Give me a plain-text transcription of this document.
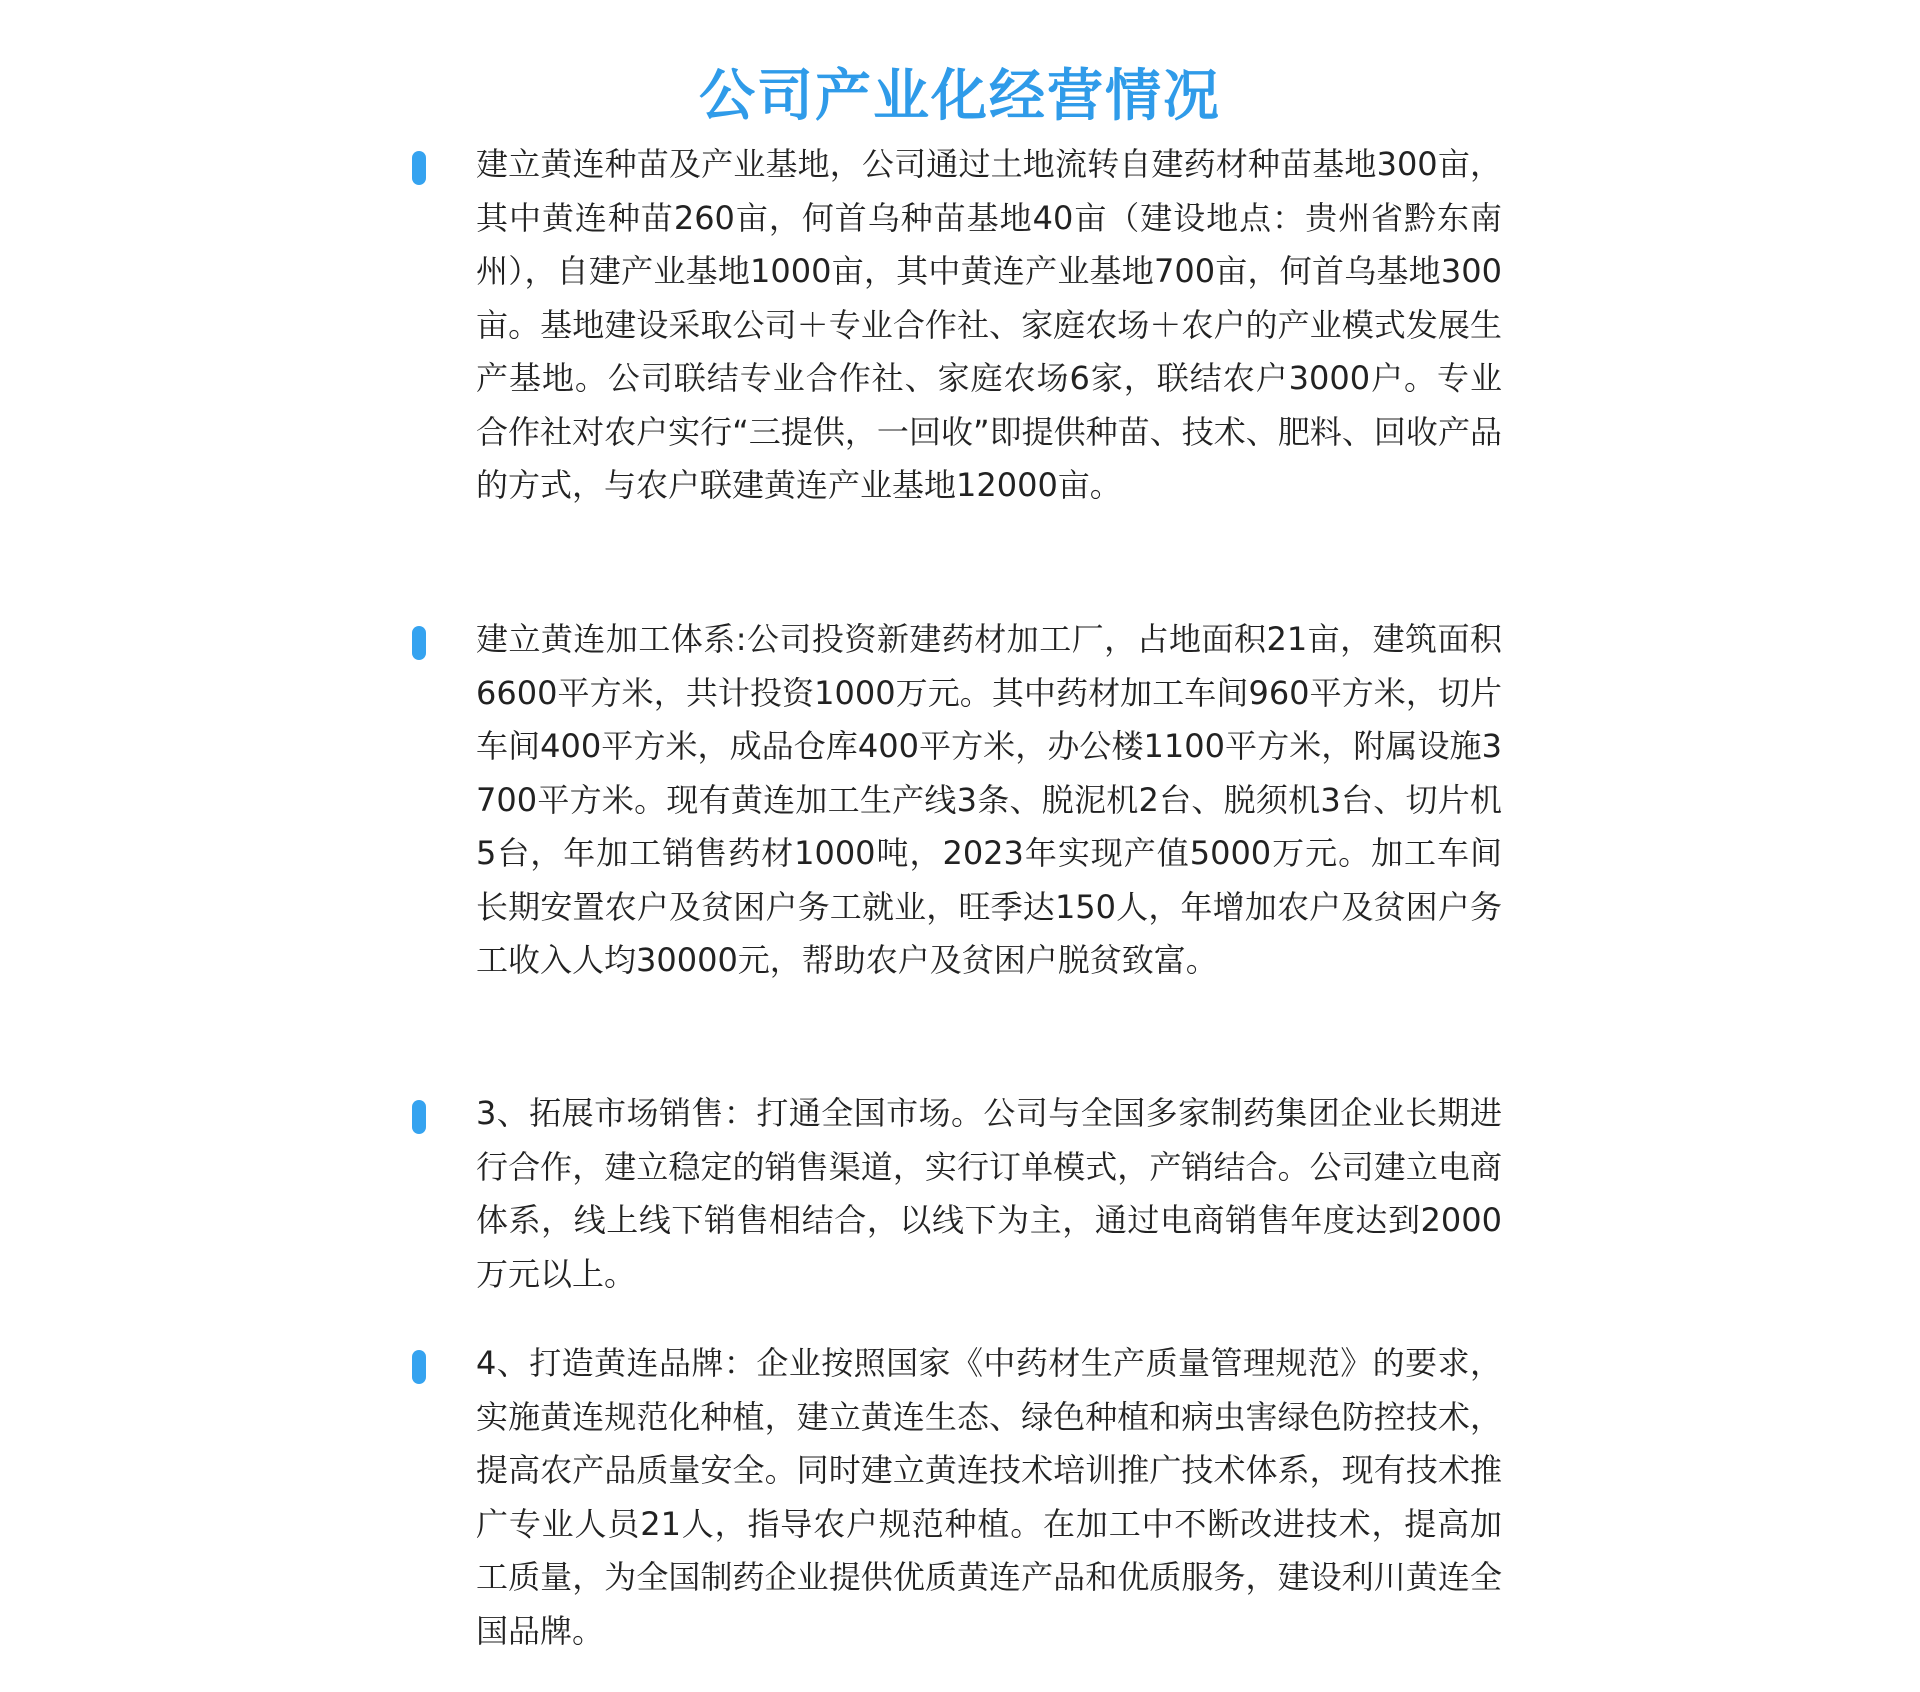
公司产业化经营情况

建立黄连种苗及产业基地，公司通过土地流转自建药材种苗基地300亩，其中黄连种苗260亩，何首乌种苗基地40亩（建设地点：贵州省黔东南州），自建产业基地1000亩，其中黄连产业基地700亩，何首乌基地300亩。基地建设采取公司＋专业合作社、家庭农场＋农户的产业模式发展生产基地。公司联结专业合作社、家庭农场6家，联结农户3000户。专业合作社对农户实行“三提供，一回收”即提供种苗、技术、肥料、回收产品的方式，与农户联建黄连产业基地12000亩。

建立黄连加工体系:公司投资新建药材加工厂，占地面积21亩，建筑面积6600平方米，共计投资1000万元。其中药材加工车间960平方米，切片车间400平方米，成品仓库400平方米，办公楼1100平方米，附属设施3700平方米。现有黄连加工生产线3条、脱泥机2台、脱须机3台、切片机5台，年加工销售药材1000吨，2023年实现产值5000万元。加工车间长期安置农户及贫困户务工就业，旺季达150人，年增加农户及贫困户务工收入人均30000元，帮助农户及贫困户脱贫致富。

3、拓展市场销售：打通全国市场。公司与全国多家制药集团企业长期进行合作，建立稳定的销售渠道，实行订单模式，产销结合。公司建立电商体系，线上线下销售相结合，以线下为主，通过电商销售年度达到2000万元以上。

4、打造黄连品牌：企业按照国家《中药材生产质量管理规范》的要求，实施黄连规范化种植，建立黄连生态、绿色种植和病虫害绿色防控技术，提高农产品质量安全。同时建立黄连技术培训推广技术体系，现有技术推广专业人员21人，指导农户规范种植。在加工中不断改进技术，提高加工质量，为全国制药企业提供优质黄连产品和优质服务，建设利川黄连全国品牌。
